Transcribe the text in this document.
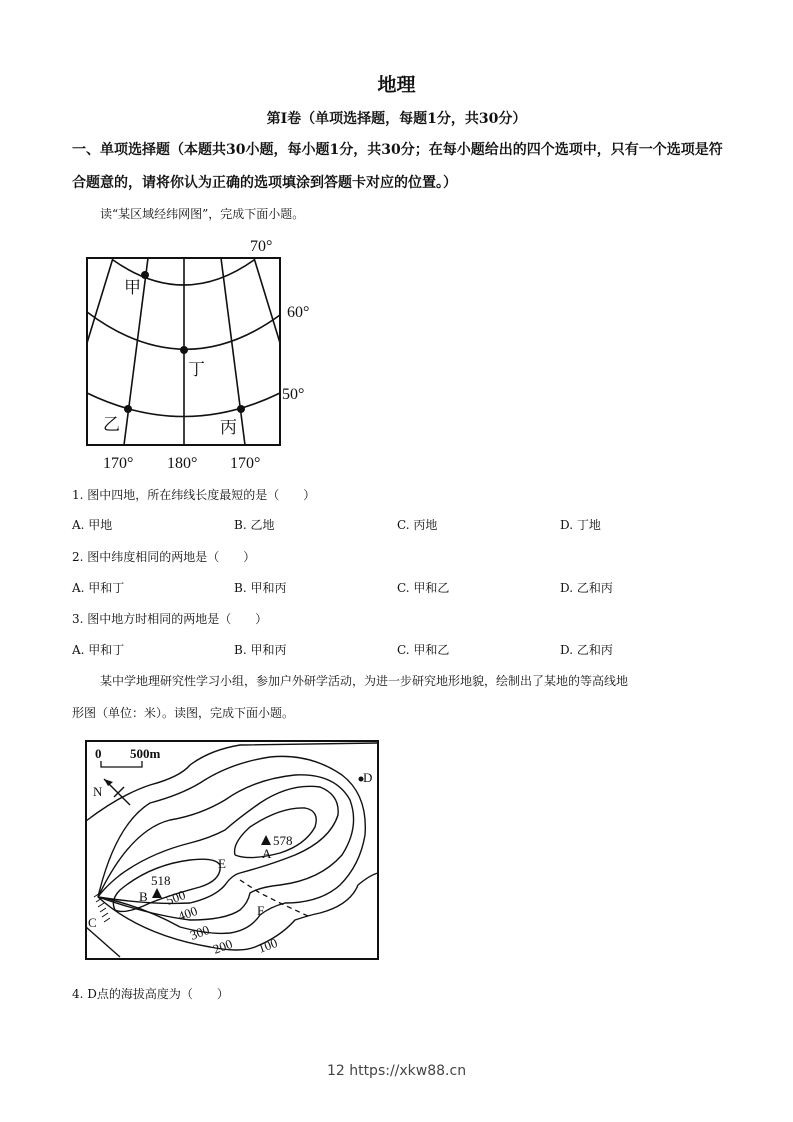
地理
第Ⅰ卷（单项选择题，每题1分，共30分）
一、单项选择题（本题共30小题，每小题1分，共30分；在每小题给出的四个选项中，只有一个选项是符合题意的，请将你认为正确的选项填涂到答题卡对应的位置。）
读“某区域经纬网图”，完成下面小题。
甲
丁
乙	丙
70°
60°
50°
170° 180° 170°
1. 图中四地，所在纬线长度最短的是（　　）
A. 甲地	B. 乙地	C. 丙地	D. 丁地
2. 图中纬度相同的两地是（　　）
A. 甲和丁	B. 甲和丙	C. 甲和乙	D. 乙和丙
3. 图中地方时相同的两地是（　　）
A. 甲和丁	B. 甲和丙	C. 甲和乙	D. 乙和丙
某中学地理研究性学习小组，参加户外研学活动，为进一步研究地形地貌，绘制出了某地的等高线地
形图（单位：米）。读图，完成下面小题。
0 500m
N
578
A
518
B
C
D
E
F
500
400
300
200 100
4. D点的海拔高度为（　　）
12 https://xkw88.cn
